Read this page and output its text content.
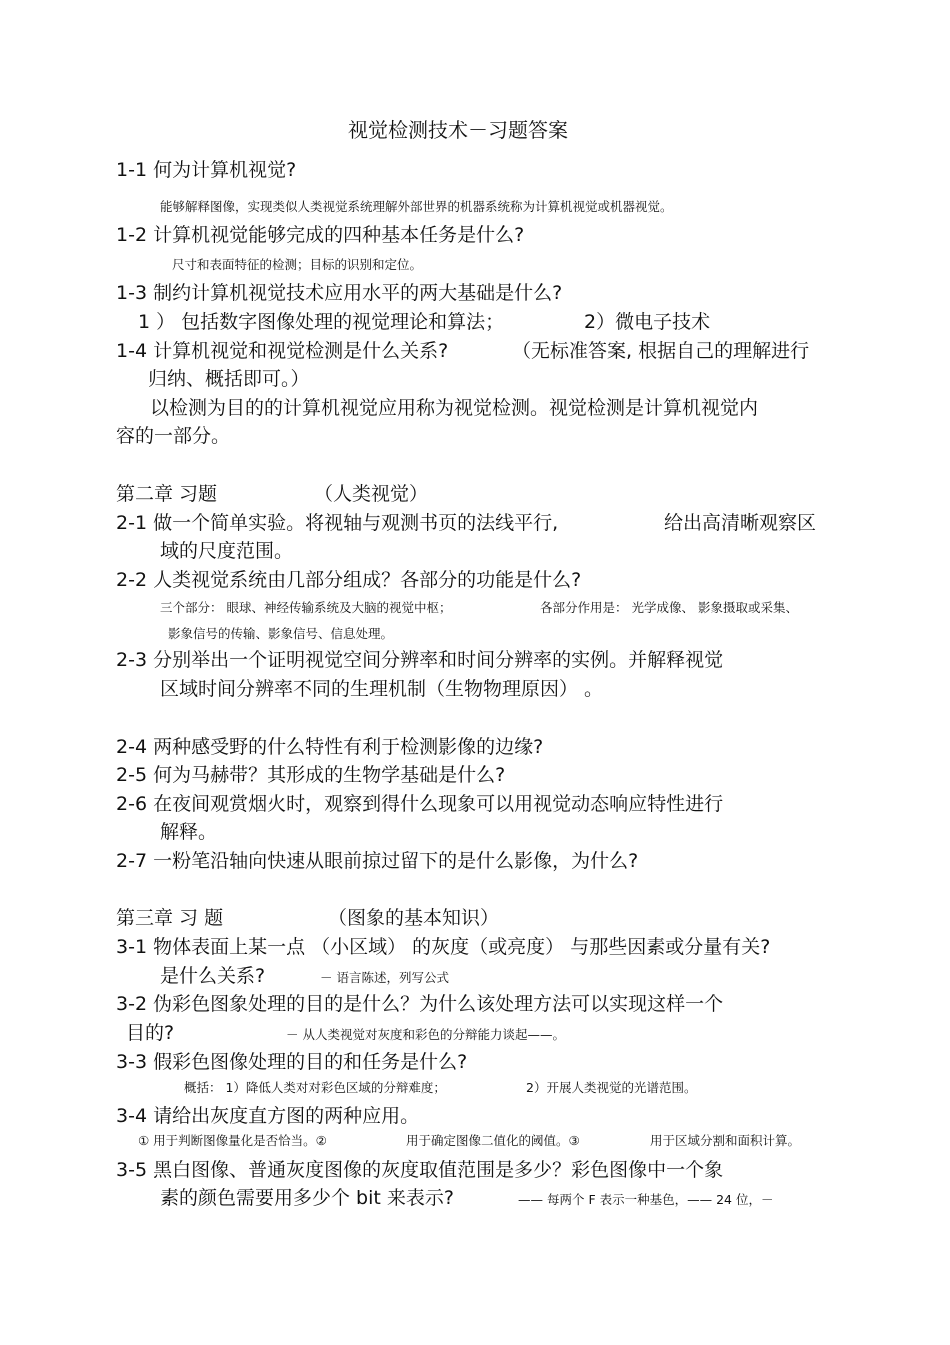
视觉检测技术－习题答案
1-1 何为计算机视觉?
能够解释图像，实现类似人类视觉系统理解外部世界的机器系统称为计算机视觉或机器视觉。
1-2 计算机视觉能够完成的四种基本任务是什么?
尺寸和表面特征的检测；目标的识别和定位。
1-3 制约计算机视觉技术应用水平的两大基础是什么?
1 ） 包括数字图像处理的视觉理论和算法；	2）微电子技术
1-4 计算机视觉和视觉检测是什么关系?	（无标准答案, 根据自己的理解进行
归纳、概括即可。）
以检测为目的的计算机视觉应用称为视觉检测。视觉检测是计算机视觉内
容的一部分。
第二章 习题	（人类视觉）
2-1 做一个简单实验。将视轴与观测书页的法线平行,	给出高清晰观察区
域的尺度范围。
2-2 人类视觉系统由几部分组成？各部分的功能是什么?
三个部分： 眼球、神经传输系统及大脑的视觉中枢；	各部分作用是： 光学成像、 影象摄取或采集、
影象信号的传输、影象信号、信息处理。
2-3 分别举出一个证明视觉空间分辨率和时间分辨率的实例。并解释视觉
区域时间分辨率不同的生理机制（生物物理原因） 。
2-4 两种感受野的什么特性有利于检测影像的边缘?
2-5 何为马赫带？其形成的生物学基础是什么?
2-6 在夜间观赏烟火时，观察到得什么现象可以用视觉动态响应特性进行
解释。
2-7 一粉笔沿轴向快速从眼前掠过留下的是什么影像，为什么?
第三章 习 题	（图象的基本知识）
3-1 物体表面上某一点 （小区域） 的灰度（或亮度） 与那些因素或分量有关?
是什么关系?	－ 语言陈述，列写公式
3-2 伪彩色图象处理的目的是什么？为什么该处理方法可以实现这样一个
目的?	－ 从人类视觉对灰度和彩色的分辩能力谈起——。
3-3 假彩色图像处理的目的和任务是什么?
概括： 1）降低人类对对彩色区域的分辩难度；	2）开展人类视觉的光谱范围。
3-4 请给出灰度直方图的两种应用。
① 用于判断图像量化是否恰当。②	用于确定图像二值化的阈值。③	用于区域分割和面积计算。
3-5 黑白图像、普通灰度图像的灰度取值范围是多少？彩色图像中一个象
素的颜色需要用多少个 bit 来表示?	—— 每两个 F 表示一种基色，—— 24 位，－
